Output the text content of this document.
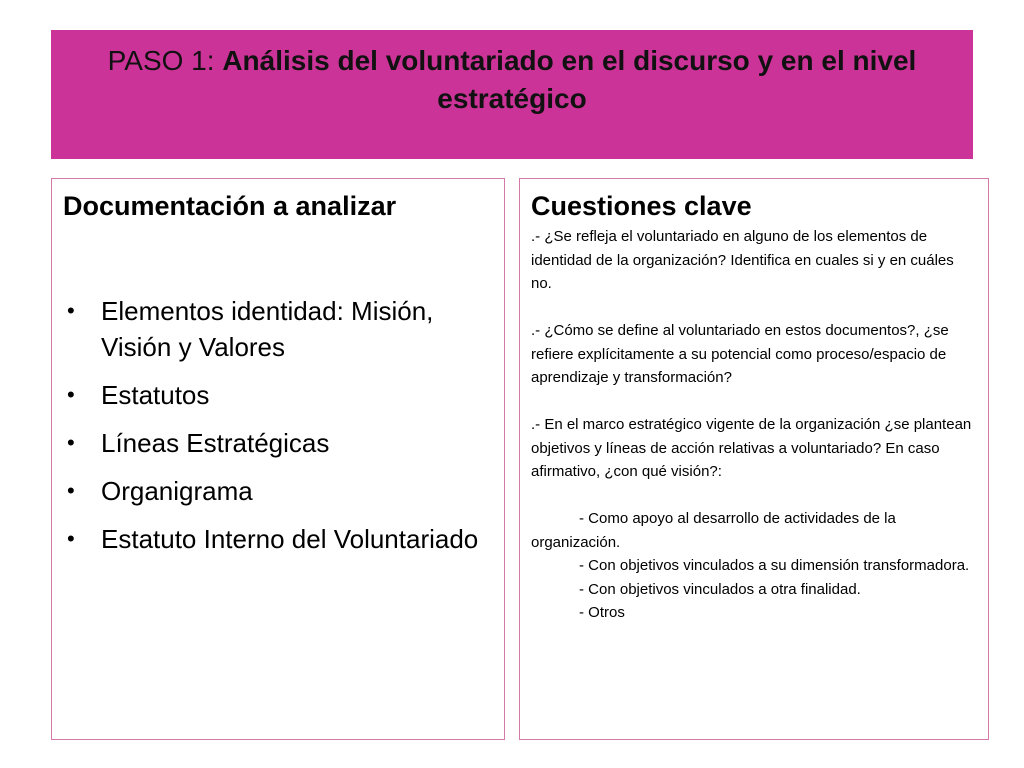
PASO 1: Análisis del voluntariado en el discurso y en el nivel estratégico
Documentación a analizar
• Elementos identidad: Misión, Visión y Valores
• Estatutos
• Líneas Estratégicas
• Organigrama
• Estatuto Interno del Voluntariado
Cuestiones clave

.- ¿Se refleja el voluntariado en alguno de los elementos de identidad de la organización? Identifica en cuales si y en cuáles no.

.- ¿Cómo se define al voluntariado en estos documentos?, ¿se refiere explícitamente a su potencial como proceso/espacio de aprendizaje y transformación?

.- En el marco estratégico vigente de la organización ¿se plantean objetivos y líneas de acción relativas a voluntariado? En caso afirmativo, ¿con qué visión?:

- Como apoyo al desarrollo de actividades de la organización.

- Con objetivos vinculados a su dimensión transformadora.

- Con objetivos vinculados a otra finalidad.

- Otros
